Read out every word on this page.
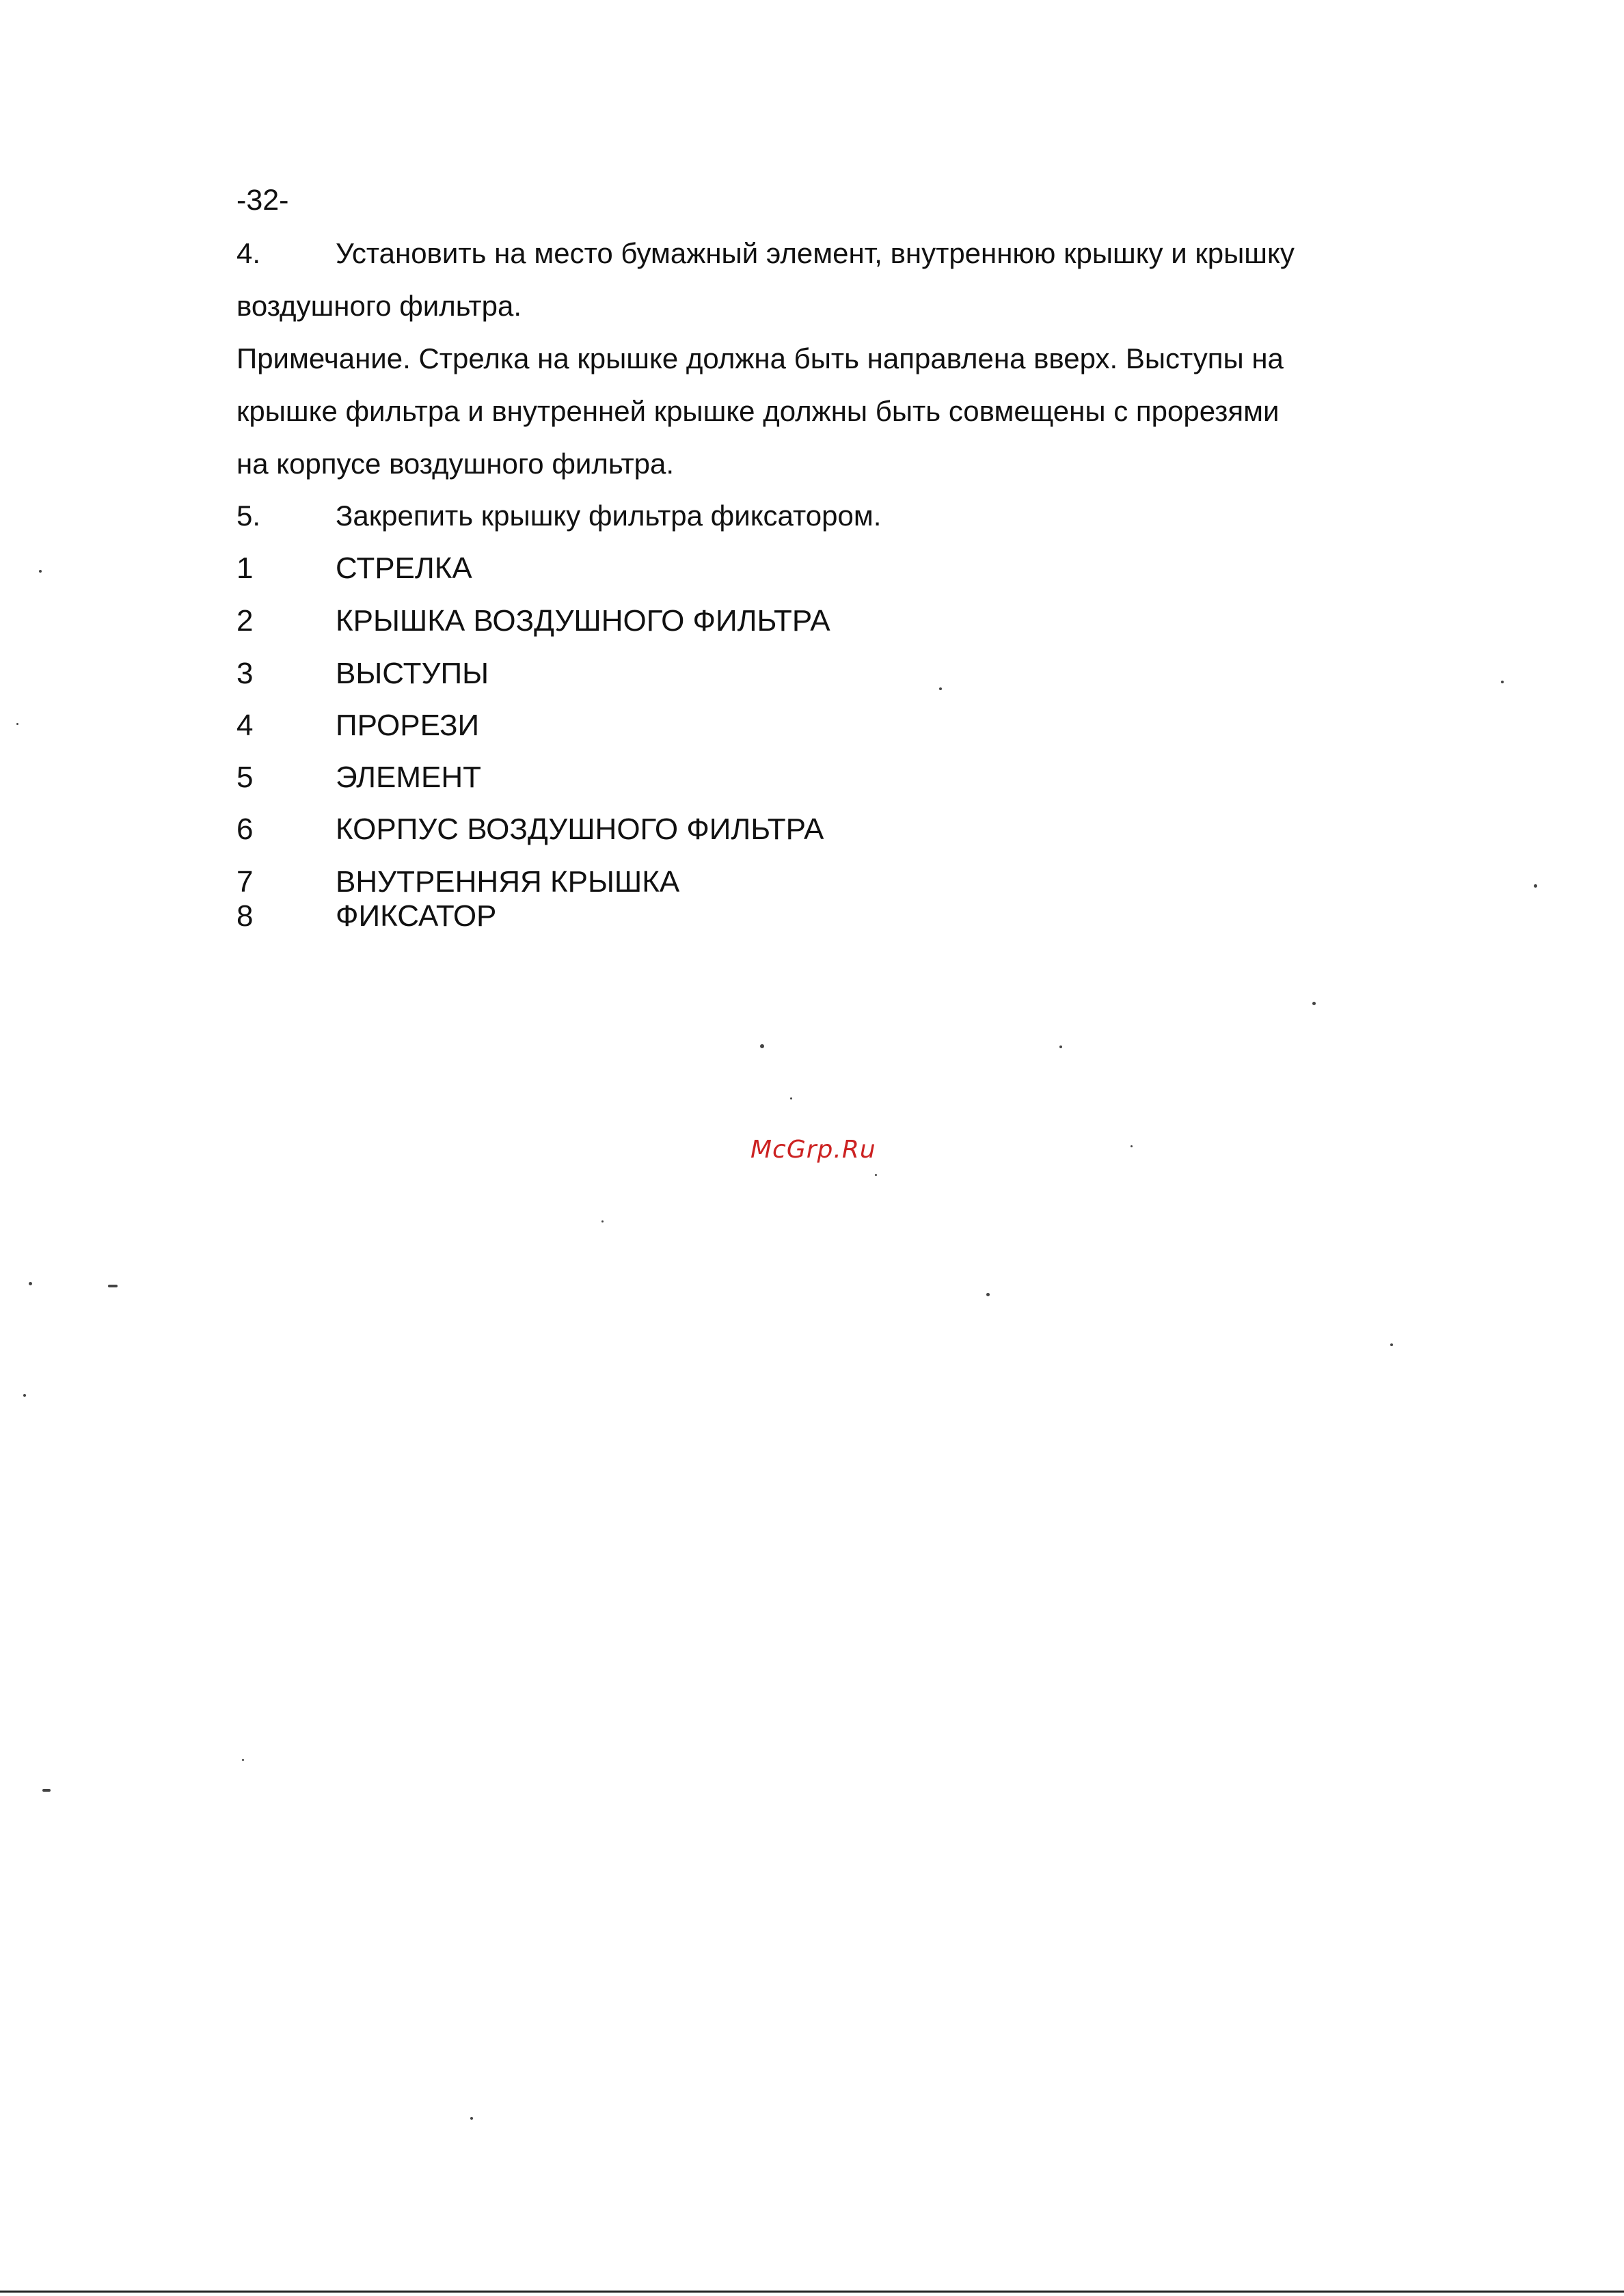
-32-
4.	Установить на место бумажный элемент, внутреннюю крышку и крышку
воздушного фильтра.
Примечание. Стрелка на крышке должна быть направлена вверх. Выступы на
крышке фильтра и внутренней крышке должны быть совмещены с прорезями
на корпусе воздушного фильтра.
5.	Закрепить крышку фильтра фиксатором.
1	СТРЕЛКА
2	КРЫШКА ВОЗДУШНОГО ФИЛЬТРА
3	ВЫСТУПЫ
4	ПРОРЕЗИ
5	ЭЛЕМЕНТ
6	КОРПУС ВОЗДУШНОГО ФИЛЬТРА
7	ВНУТРЕННЯЯ КРЫШКА
8	ФИКСАТОР
McGrp.Ru
